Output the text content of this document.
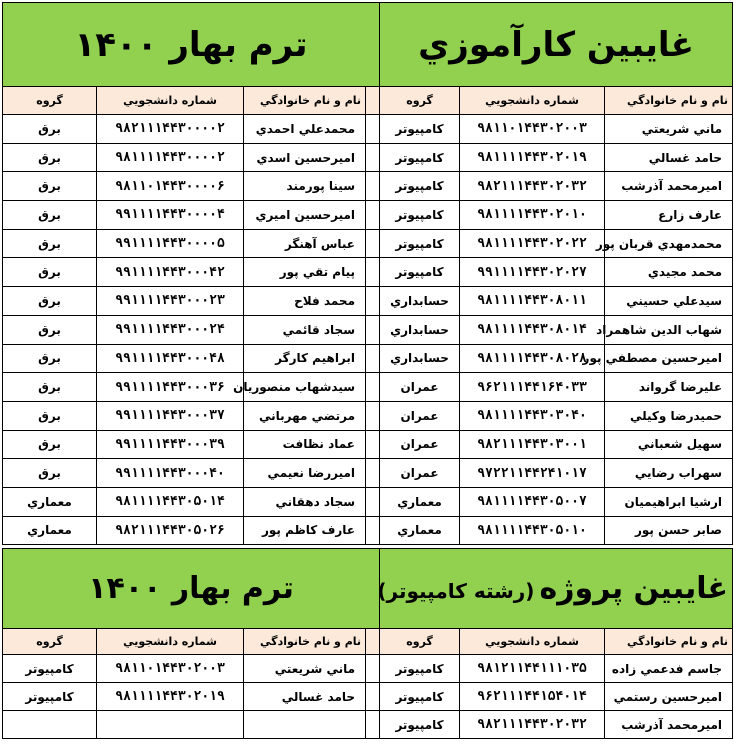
غايبين كارآموزي			ترم بهار ۱۴۰۰			
نام و نام خانوادگي	شماره دانشجويي	گروه		نام و نام خانوادگي	شماره دانشجويي	گروه
ماني شريعتي	۹۸۱۱۰۱۴۴۳۰۲۰۰۳	کامپيوتر		محمدعلي احمدي	۹۸۲۱۱۱۴۴۳۰۰۰۰۲	برق
حامد غسالي	۹۸۱۱۱۱۴۴۳۰۲۰۱۹	کامپيوتر		اميرحسين اسدي	۹۸۱۱۱۱۴۴۳۰۰۰۰۲	برق
اميرمحمد آذرشب	۹۸۲۱۱۱۴۴۳۰۲۰۳۲	کامپيوتر		سينا پورمند	۹۸۱۱۰۱۴۴۳۰۰۰۰۶	برق
عارف زارع	۹۸۱۱۱۱۴۴۳۰۲۰۱۰	کامپيوتر		اميرحسين اميري	۹۹۱۱۱۱۴۴۳۰۰۰۰۴	برق
محمدمهدي قربان پور	۹۸۱۱۱۱۴۴۳۰۲۰۲۲	کامپيوتر		عباس آهنگر	۹۹۱۱۱۱۴۴۳۰۰۰۰۵	برق
محمد مجيدي	۹۹۱۱۱۱۴۴۳۰۲۰۲۷	کامپيوتر		پيام تقي پور	۹۹۱۱۱۱۴۴۳۰۰۰۴۲	برق
سيدعلي حسيني	۹۸۱۱۱۱۴۴۳۰۸۰۱۱	حسابداري		محمد فلاح	۹۹۱۱۱۱۴۴۳۰۰۰۲۳	برق
شهاب الدين شاهمراد	۹۸۱۱۱۱۴۴۳۰۸۰۱۴	حسابداري		سجاد قائمي	۹۹۱۱۱۱۴۴۳۰۰۰۲۴	برق
اميرحسين مصطفي پور	۹۸۱۱۱۱۴۴۳۰۸۰۲۸	حسابداري		ابراهيم کارگر	۹۹۱۱۱۱۴۴۳۰۰۰۴۸	برق
عليرضا گرواند	۹۶۲۱۱۱۴۴۱۶۴۰۳۳	عمران		سيدشهاب منصوريان	۹۹۱۱۱۱۴۴۳۰۰۰۳۶	برق
حميدرضا وکيلي	۹۸۱۱۱۱۴۴۳۰۳۰۴۰	عمران		مرتضي مهرباني	۹۹۱۱۱۱۴۴۳۰۰۰۳۷	برق
سهيل شعباني	۹۸۲۱۱۱۴۴۳۰۳۰۰۱	عمران		عماد نظافت	۹۹۱۱۱۱۴۴۳۰۰۰۳۹	برق
سهراب رضايي	۹۷۲۲۱۱۴۴۲۴۱۰۱۷	عمران		اميررضا نعيمي	۹۹۱۱۱۱۴۴۳۰۰۰۴۰	برق
ارشيا ابراهيميان	۹۸۱۱۱۱۴۴۳۰۵۰۰۷	معماري		سجاد دهقاني	۹۸۱۱۱۱۴۴۳۰۵۰۱۴	معماري
صابر حسن پور	۹۸۱۱۱۱۴۴۳۰۵۰۱۰	معماري		عارف کاظم پور	۹۸۲۱۱۱۴۴۳۰۵۰۲۶	معماري
غايبين پروژه (رشته کامپيوتر)			ترم بهار ۱۴۰۰			
نام و نام خانوادگي	شماره دانشجويي	گروه		نام و نام خانوادگي	شماره دانشجويي	گروه
جاسم فدعمي زاده	۹۸۱۲۱۱۴۴۱۱۱۰۳۵	کامپيوتر		ماني شريعتي	۹۸۱۱۰۱۴۴۳۰۲۰۰۳	کامپيوتر
اميرحسين رستمي	۹۶۲۱۱۱۴۴۱۵۴۰۱۴	کامپيوتر		حامد غسالي	۹۸۱۱۱۱۴۴۳۰۲۰۱۹	کامپيوتر
اميرمحمد آذرشب	۹۸۲۱۱۱۴۴۳۰۲۰۳۲	کامپيوتر				
